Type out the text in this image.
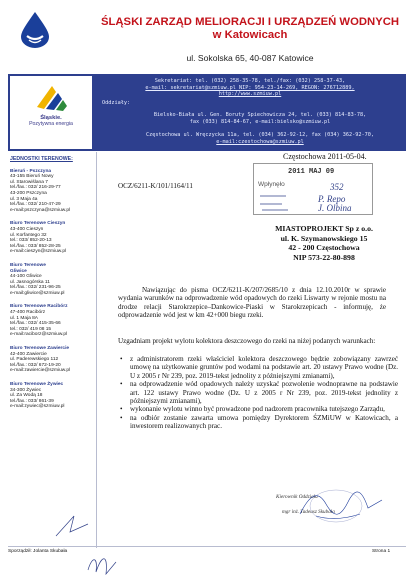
ŚLĄSKI ZARZĄD MELIORACJI I URZĄDZEŃ WODNYCH
w Katowicach
ul. Sokolska 65, 40-087 Katowice
Śląskie.
Pozytywna energia
Sekretariat: tel. (032) 258-35-78, tel./fax: (032) 258-37-43,
e-mail: sekretariat@szmiuw.pl NIP: 954-23-14-269, REGON: 276712889,
http://www.szmiuw.pl
Oddziały:
Bielsko-Biała ul. Gen. Boruty Spiechowicza 24, tel. (033) 814-83-78,
fax (033) 814-84-67, e-mail:bielsko@szmiuw.pl
Częstochowa ul. Wręczycka 11a, tel. (034) 362-92-12, fax (034) 362-92-70,
e-mail:czestochowa@szmiuw.pl
JEDNOSTKI TERENOWE:
Bieruń - Pszczyna
43-155 Bieruń Nowy
ul. Starowiślana 7
tel./fax.: 032/ 216-29-77
43-200 Pszczyna
ul. 3 Maja 4a
tel./fax.: 032/ 210-47-29
e-mail:pszczyna@szmiuw.pl
Biuro Terenowe Cieszyn
43-400 Cieszyn
ul. Korfantego 32
tel.: 033/ 852-20-13
tel./fax.: 033/ 852-28-25
e-mail:cieszyn@szmiuw.pl
Biuro Terenowe
Gliwice
44-100 Gliwice
ul. Jasnogórska 11
tel./fax.: 032/ 231-96-25
e-mail:gliwice@szmiuw.pl
Biuro Terenowe Racibórz
47-400 Racibórz
ul. 1 Maja 8A
tel./fax.: 032/ 415-35-66
tel.: 032/ 419 08 15
e-mail:raciborz@szmiuw.pl
Biuro Terenowe Zawiercie
42-400 Zawiercie
ul. Paderewskiego 112
tel./fax.: 032/ 672-19-20
e-mail:zawiercie@szmiuw.pl
Biuro Terenowe Żywiec
34-300 Żywiec
ul. Za Wodą 18
tel./fax.: 033/ 861-39
e-mail:zywiec@szmiuw.pl
Częstochowa 2011-05-04.
OCZ/6211-K/101/1164/11	Wpłynęło
2011 MAJ 09
352
P. Repo
J. Olbina
MIASTOPROJEKT Sp z o.o.
ul. K. Szymanowskiego 15
42 - 200 Częstochowa
NIP 573-22-80-898
Nawiązując do pisma OCZ/6211-K/207/2685/10 z dnia 12.10.2010r w sprawie wydania warunków na odprowadzenie wód opadowych do rzeki Liswarty w rejonie mostu na drodze relacji Starokrzepice–Dankowice-Piaski w Starokrzepicach - informuję, że odprowadzenie wód jest w km 42+000 biegu rzeki.
Uzgadniam projekt wylotu kolektora deszczowego do rzeki na niżej podanych warunkach:
• z administratorem rzeki właściciel kolektora deszczowego będzie zobowiązany zawrzeć umowę na użytkowanie gruntów pod wodami na podstawie art. 20 ustawy Prawo wodne (Dz. U z 2005 r Nr 239, poz. 2019-tekst jednolity z późniejszymi zmianami),
• na odprowadzenie wód opadowych należy uzyskać pozwolenie wodnoprawne na podstawie art. 122 ustawy Prawo wodne (Dz. U z 2005 r Nr 239, poz. 2019-tekst jednolity z późniejszymi zmianami),
• wykonanie wylotu winno być prowadzone pod nadzorem pracownika tutejszego Zarządu,
• na odbiór zostanie zawarta umowa pomiędzy Dyrektorem ŚZMiUW w Katowicach, a inwestorem realizowanych prac.
Kierownik Oddziału
mgr inż. Tadeusz Skubała
Sporządził: Jolanta Skubała	Strona 1
